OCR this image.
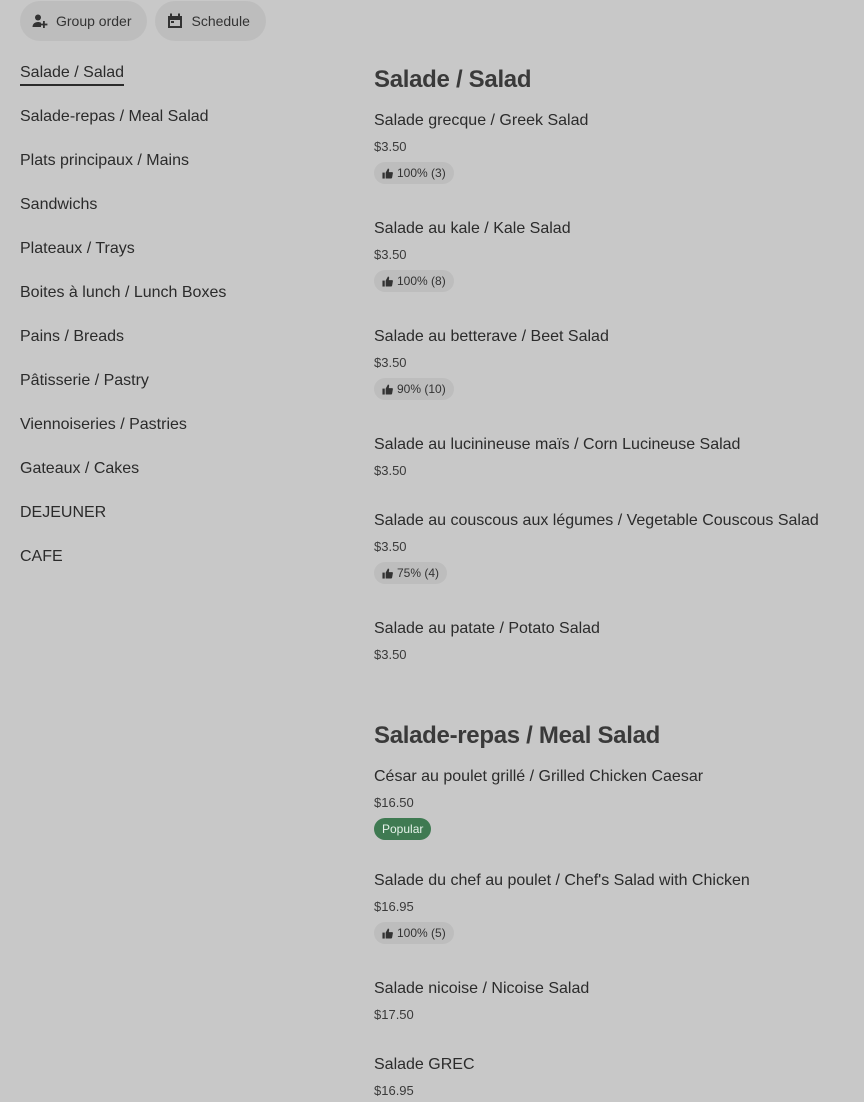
Group order	Schedule
Salade / Salad
Salade-repas / Meal Salad
Plats principaux / Mains
Sandwichs
Plateaux / Trays
Boites à lunch / Lunch Boxes
Pains / Breads
Pâtisserie / Pastry
Viennoiseries / Pastries
Gateaux / Cakes
DEJEUNER
CAFE
Salade / Salad
Salade grecque / Greek Salad
$3.50
100% (3)
Salade au kale / Kale Salad
$3.50
100% (8)
Salade au betterave / Beet Salad
$3.50
90% (10)
Salade au lucinineuse maïs / Corn Lucineuse Salad
$3.50
Salade au couscous aux légumes / Vegetable Couscous Salad
$3.50
75% (4)
Salade au patate / Potato Salad
$3.50
Salade-repas / Meal Salad
César au poulet grillé / Grilled Chicken Caesar
$16.50
Popular
Salade du chef au poulet / Chef's Salad with Chicken
$16.95
100% (5)
Salade nicoise / Nicoise Salad
$17.50
Salade GREC
$16.95
